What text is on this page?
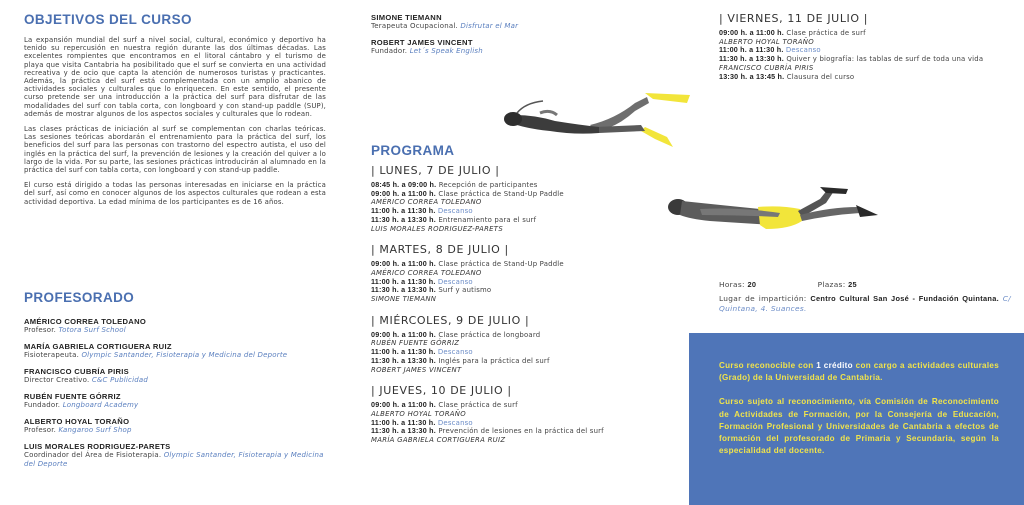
OBJETIVOS DEL CURSO

La expansión mundial del surf a nivel social, cultural, económico y deportivo ha tenido su repercusión en nuestra región durante las dos últimas décadas. Las excelentes rompientes que encontramos en el litoral cántabro y el turismo de playa que visita Cantabria ha posibilitado que el surf se convierta en una actividad recreativa y de ocio que capta la atención de numerosos turistas y practicantes. Además, la práctica del surf está complementada con un amplio abanico de actividades sociales y culturales que lo enriquecen. En este sentido, el presente curso pretende ser una introducción a la práctica del surf para disfrutar de las modalidades del surf con tabla corta, con longboard y con stand-up paddle (SUP), además de mostrar algunos de los aspectos sociales y culturales que lo rodean.

Las clases prácticas de iniciación al surf se complementan con charlas teóricas. Las sesiones teóricas abordarán el entrenamiento para la práctica del surf, los beneficios del surf para las personas con trastorno del espectro autista, el uso del inglés en la práctica del surf, la prevención de lesiones y la creación del quiver a lo largo de la vida. Por su parte, las sesiones prácticas introducirán al alumnado en la práctica del surf con tabla corta, con longboard y con stand-up paddle.

El curso está dirigido a todas las personas interesadas en iniciarse en la práctica del surf, así como en conocer algunos de los aspectos culturales que rodean a esta actividad deportiva. La edad mínima de los participantes es de 16 años.

PROFESORADO
AMÉRICO CORREA TOLEDANO
Profesor. Totora Surf School
MARÍA GABRIELA CORTIGUERA RUIZ
Fisioterapeuta. Olympic Santander, Fisioterapia y Medicina del Deporte
FRANCISCO CUBRÍA PIRIS
Director Creativo. C&C Publicidad
RUBÉN FUENTE GÓRRIZ
Fundador. Longboard Academy
ALBERTO HOYAL TORAÑO
Profesor. Kangaroo Surf Shop
LUIS MORALES RODRIGUEZ-PARETS
Coordinador del Área de Fisioterapia. Olympic Santander, Fisioterapia y Medicina del Deporte
SIMONE TIEMANN
Terapeuta Ocupacional. Disfrutar el Mar
ROBERT JAMES VINCENT
Fundador. Let´s Speak English
PROGRAMA
| LUNES, 7 DE JULIO |
08:45 h. a 09:00 h. Recepción de participantes
09:00 h. a 11:00 h. Clase práctica de Stand-Up Paddle
AMÉRICO CORREA TOLEDANO
11:00 h. a 11:30 h. Descanso
11:30 h. a 13:30 h. Entrenamiento para el surf
LUIS MORALES RODRIGUEZ-PARETS
| MARTES, 8 DE JULIO |
09:00 h. a 11:00 h. Clase práctica de Stand-Up Paddle
AMÉRICO CORREA TOLEDANO
11:00 h. a 11:30 h. Descanso
11:30 h. a 13:30 h. Surf y autismo
SIMONE TIEMANN
| MIÉRCOLES, 9 DE JULIO |
09:00 h. a 11:00 h. Clase práctica de longboard
RUBÉN FUENTE GÓRRIZ
11:00 h. a 11:30 h. Descanso
11:30 h. a 13:30 h. Inglés para la práctica del surf
ROBERT JAMES VINCENT
| JUEVES, 10 DE JULIO |
09:00 h. a 11:00 h. Clase práctica de surf
ALBERTO HOYAL TORAÑO
11:00 h. a 11:30 h. Descanso
11:30 h. a 13:30 h. Prevención de lesiones en la práctica del surf
MARÍA GABRIELA CORTIGUERA RUIZ
| VIERNES, 11 DE JULIO |
09:00 h. a 11:00 h. Clase práctica de surf
ALBERTO HOYAL TORAÑO
11:00 h. a 11:30 h. Descanso
11:30 h. a 13:30 h. Quiver y biografía: las tablas de surf de toda una vida
FRANCISCO CUBRÍA PIRIS
13:30 h. a 13:45 h. Clausura del curso
Horas: 20	Plazas: 25
Lugar de impartición: Centro Cultural San José - Fundación Quintana. C/ Quintana, 4. Suances.

Curso reconocible con 1 crédito con cargo a actividades culturales (Grado) de la Universidad de Cantabria.

Curso sujeto al reconocimiento, vía Comisión de Reconocimiento de Actividades de Formación, por la Consejería de Educación, Formación Profesional y Universidades de Cantabria a efectos de formación del profesorado de Primaria y Secundaria, según la especialidad del docente.
